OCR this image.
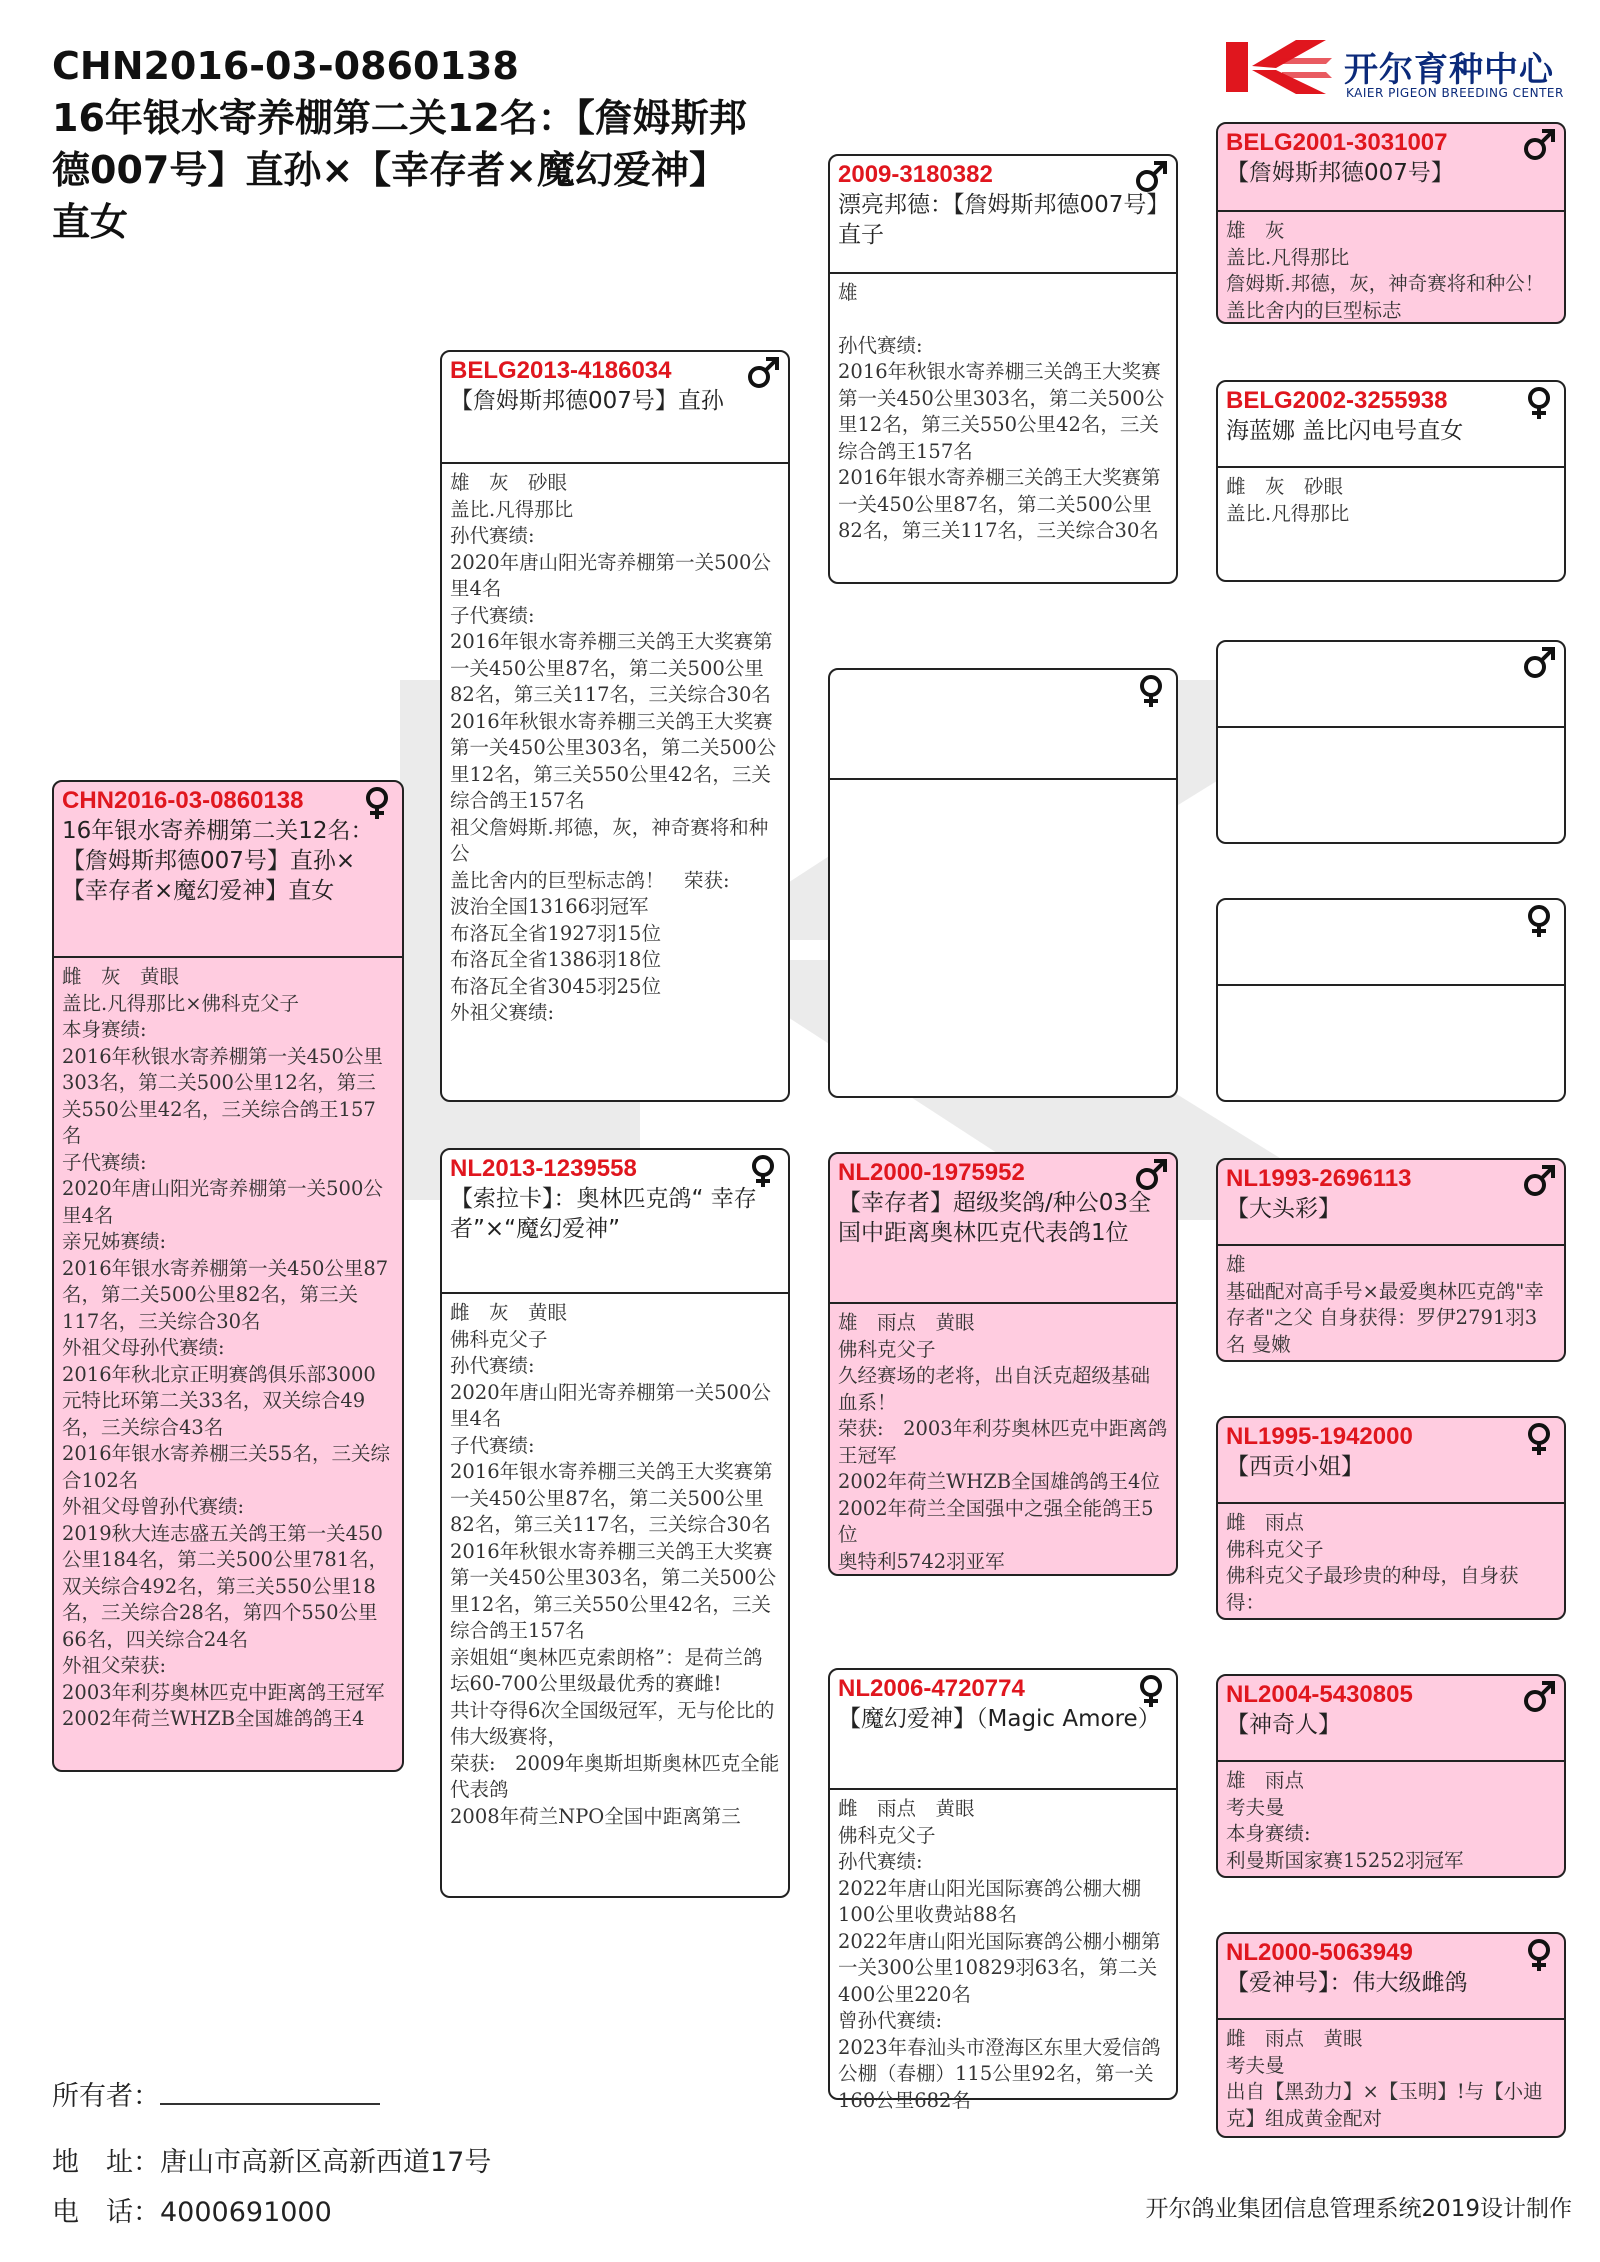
CHN2016-03-0860138
16年银水寄养棚第二关12名：【詹姆斯邦德007号】直孙×【幸存者×魔幻爱神】直女
开尔育种中心
KAIER PIGEON BREEDING CENTER
CHN2016-03-0860138
16年银水寄养棚第二关12名：【詹姆斯邦德007号】直孙×【幸存者×魔幻爱神】直女

雌　灰　黄眼

盖比.凡得那比×佛科克父子

本身赛绩:

2016年秋银水寄养棚第一关450公里303名，第二关500公里12名，第三关550公里42名，三关综合鸽王157名

子代赛绩:

2020年唐山阳光寄养棚第一关500公里4名

亲兄姊赛绩:

2016年银水寄养棚第一关450公里87名，第二关500公里82名，第三关117名，三关综合30名

外祖父母孙代赛绩:

2016年秋北京正明赛鸽俱乐部3000元特比环第二关33名，双关综合49名，三关综合43名

2016年银水寄养棚三关55名，三关综合102名

外祖父母曾孙代赛绩:

2019秋大连志盛五关鸽王第一关450公里184名，第二关500公里781名，双关综合492名，第三关550公里18名，三关综合28名，第四个550公里66名，四关综合24名

外祖父荣获:

2003年利芬奥林匹克中距离鸽王冠军

2002年荷兰WHZB全国雄鸽鸽王4

BELG2013-4186034
【詹姆斯邦德007号】直孙

雄　灰　砂眼

盖比.凡得那比

孙代赛绩:

2020年唐山阳光寄养棚第一关500公里4名

子代赛绩:

2016年银水寄养棚三关鸽王大奖赛第一关450公里87名，第二关500公里82名，第三关117名，三关综合30名

2016年秋银水寄养棚三关鸽王大奖赛第一关450公里303名，第二关500公里12名，第三关550公里42名，三关综合鸽王157名

祖父詹姆斯.邦德，灰，神奇赛将和种公

盖比舍内的巨型标志鸽！　荣获:

波治全国13166羽冠军

布洛瓦全省1927羽15位

布洛瓦全省1386羽18位

布洛瓦全省3045羽25位

外祖父赛绩:

NL2013-1239558
【索拉卡】：奥林匹克鸽“ 幸存者”×“魔幻爱神”

雌　灰　黄眼

佛科克父子

孙代赛绩:

2020年唐山阳光寄养棚第一关500公里4名

子代赛绩:

2016年银水寄养棚三关鸽王大奖赛第一关450公里87名，第二关500公里82名，第三关117名，三关综合30名

2016年秋银水寄养棚三关鸽王大奖赛第一关450公里303名，第二关500公里12名，第三关550公里42名，三关综合鸽王157名

亲姐姐“奥林匹克索朗格”：是荷兰鸽坛60-700公里级最优秀的赛雌!

共计夺得6次全国级冠军，无与伦比的伟大级赛将，

荣获:　2009年奥斯坦斯奥林匹克全能代表鸽

2008年荷兰NPO全国中距离第三

2009-3180382
漂亮邦德：【詹姆斯邦德007号】直子

雄

孙代赛绩:

2016年秋银水寄养棚三关鸽王大奖赛第一关450公里303名，第二关500公里12名，第三关550公里42名，三关综合鸽王157名

2016年银水寄养棚三关鸽王大奖赛第一关450公里87名，第二关500公里82名，第三关117名，三关综合30名

NL2000-1975952
【幸存者】超级奖鸽/种公03全国中距离奥林匹克代表鸽1位

雄　雨点　黄眼

佛科克父子

久经赛场的老将，出自沃克超级基础血系！

荣获:　2003年利芬奥林匹克中距离鸽王冠军

2002年荷兰WHZB全国雄鸽鸽王4位

2002年荷兰全国强中之强全能鸽王5位

奥特利5742羽亚军

NL2006-4720774
【魔幻爱神】（Magic Amore）

雌　雨点　黄眼

佛科克父子

孙代赛绩:

2022年唐山阳光国际赛鸽公棚大棚100公里收费站88名

2022年唐山阳光国际赛鸽公棚小棚第一关300公里10829羽63名，第二关400公里220名

曾孙代赛绩:

2023年春汕头市澄海区东里大爱信鸽公棚（春棚）115公里92名，第一关160公里682名

BELG2001-3031007
【詹姆斯邦德007号】

雄　灰

盖比.凡得那比

詹姆斯.邦德，灰，神奇赛将和种公！盖比舍内的巨型标志

BELG2002-3255938
海蓝娜 盖比闪电号直女

雌　灰　砂眼

盖比.凡得那比

NL1993-2696113
【大头彩】

雄

基础配对高手号×最爱奥林匹克鸽"幸存者"之父 自身获得：罗伊2791羽3名 曼嫩

NL1995-1942000
【西贡小姐】

雌　雨点

佛科克父子

佛科克父子最珍贵的种母，自身获得：

NL2004-5430805
【神奇人】

雄　雨点

考夫曼

本身赛绩:

利曼斯国家赛15252羽冠军

NL2000-5063949
【爱神号】：伟大级雌鸽

雌　雨点　黄眼

考夫曼

出自【黑劲力】×【玉明】!与【小迪克】组成黄金配对

所有者：
地　址：唐山市高新区高新西道17号
电　话：4000691000	开尔鸽业集团信息管理系统2019设计制作
